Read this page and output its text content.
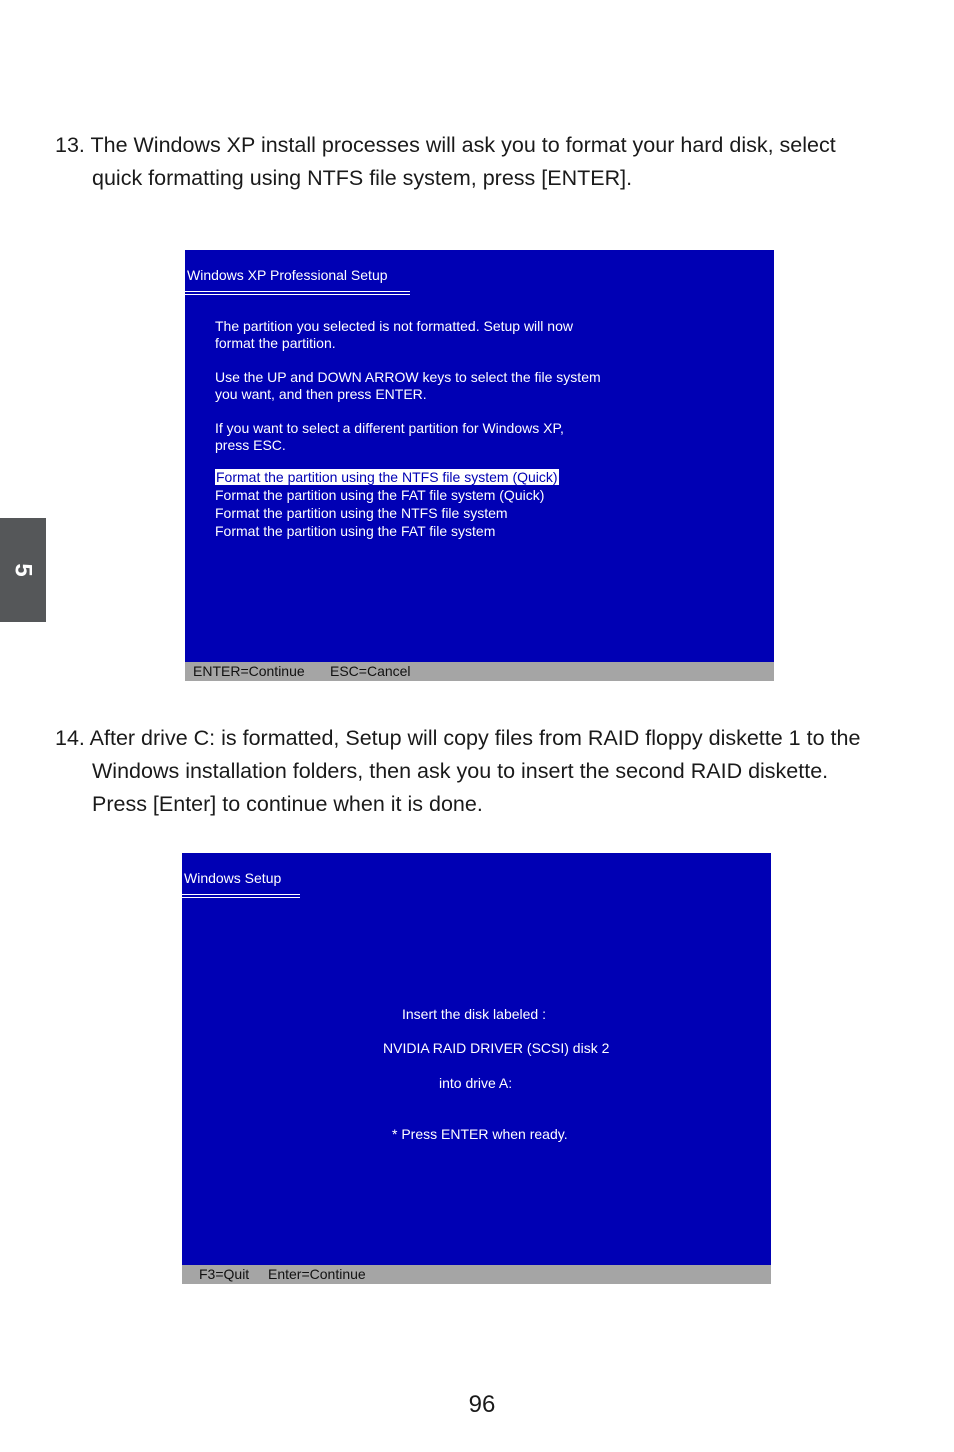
13. The Windows XP install processes will ask you to format your hard disk, select
quick formatting using NTFS file system, press [ENTER].
5
Windows XP Professional Setup
The partition you selected is not formatted. Setup will now
format the partition.
Use the UP and DOWN ARROW keys to select the file system
you want, and then press ENTER.
If you want to select a different partition for Windows XP,
press ESC.
Format the partition using the NTFS file system (Quick)
Format the partition using the FAT file system (Quick)
Format the partition using the NTFS file system
Format the partition using the FAT file system
ENTER=Continue ESC=Cancel
14. After drive C: is formatted, Setup will copy files from RAID floppy diskette 1 to the
Windows installation folders, then ask you to insert the second RAID diskette.
Press [Enter] to continue when it is done.
Windows Setup
Insert the disk labeled :
NVIDIA RAID DRIVER (SCSI) disk 2
into drive A:
* Press ENTER when ready.
F3=Quit Enter=Continue
96
